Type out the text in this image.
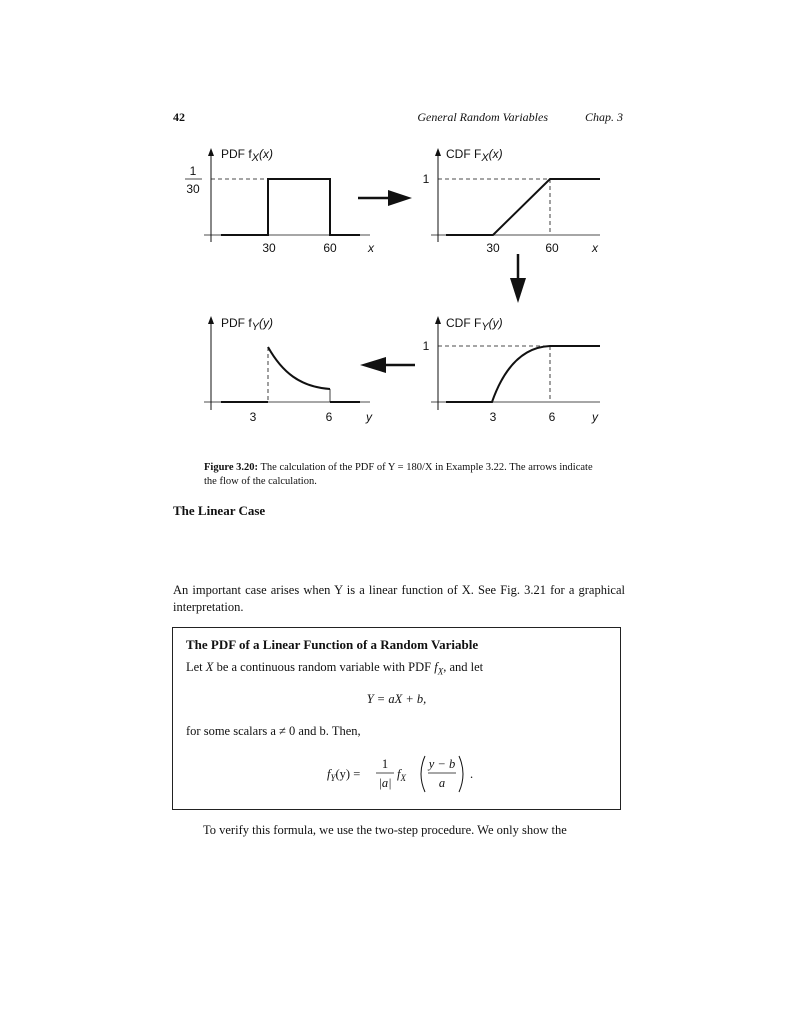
42	General Random Variables	Chap. 3
PDF fX(x)
1
30
30	60	x
CDF FX(x)
1
30	60	x
PDF fY(y)
3	6	y
CDF FY(y)
1
3	6	y
Figure 3.20: The calculation of the PDF of Y = 180/X in Example 3.22. The arrows indicate the flow of the calculation.
The Linear Case
An important case arises when Y is a linear function of X. See Fig. 3.21 for a graphical interpretation.
The PDF of a Linear Function of a Random Variable
Let X be a continuous random variable with PDF $f_X$, and let
Y = aX + b,
for some scalars a ≠ 0 and b. Then,
$f_Y(y)$ =
1
|a|
$f_X$
y − b
a
.
To verify this formula, we use the two-step procedure. We only show the
